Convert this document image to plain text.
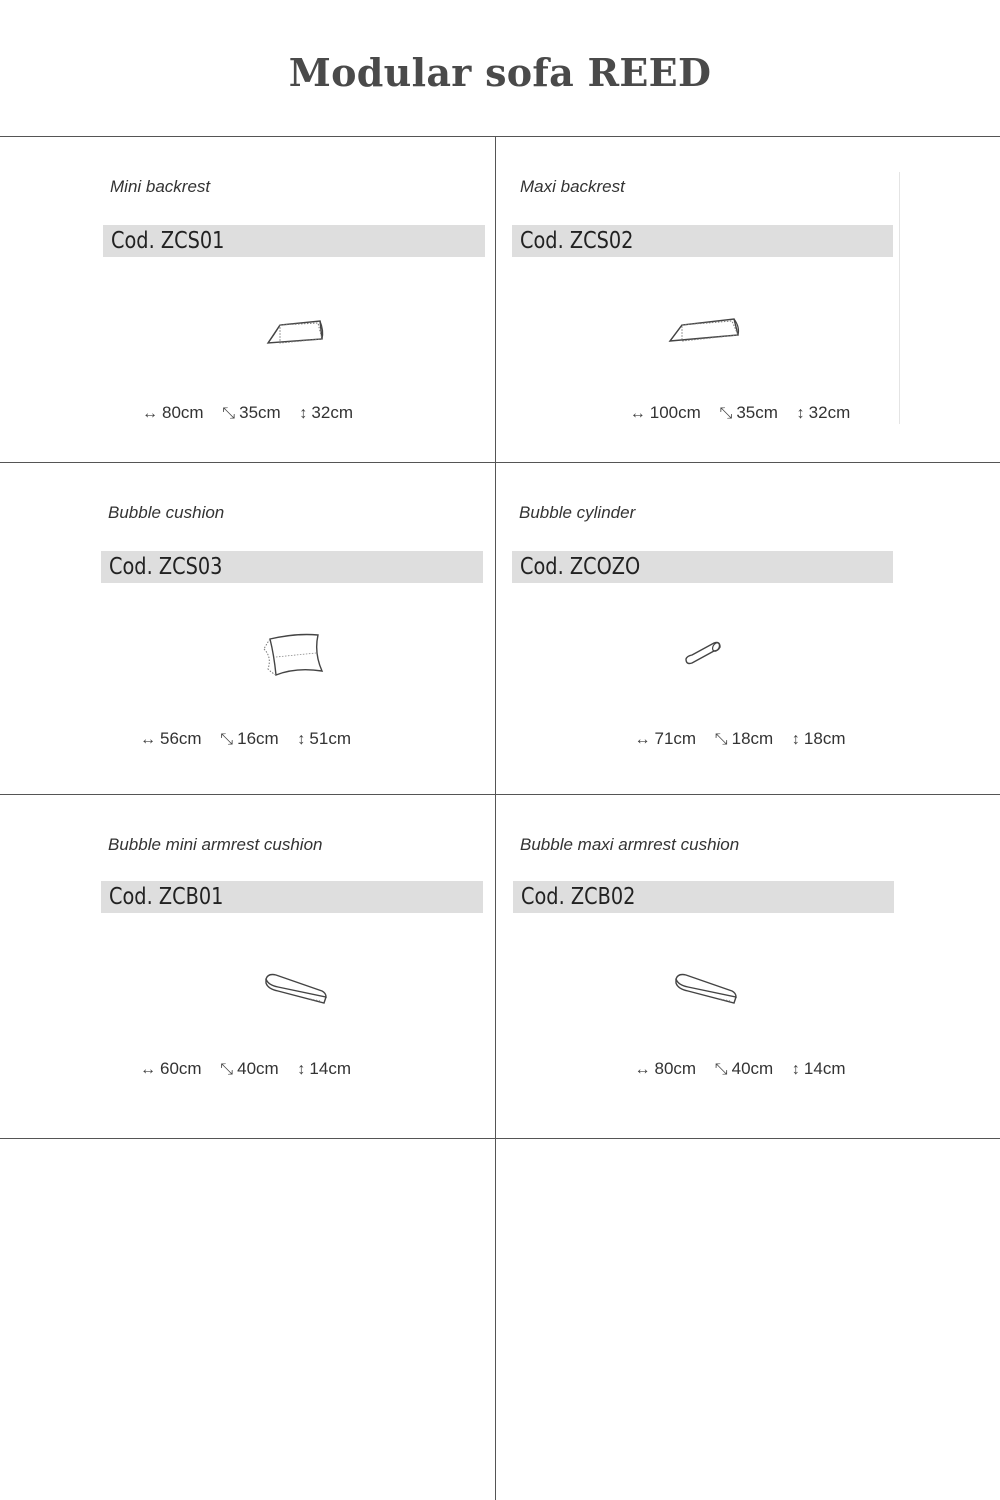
Modular sofa REED
Mini backrest
Cod. ZCS01
↔ 80cm ⤡ 35cm ↕ 32cm
Maxi backrest
Cod. ZCS02
↔ 100cm ⤡ 35cm ↕ 32cm
Bubble cushion
Cod. ZCS03
↔ 56cm ⤡ 16cm ↕ 51cm
Bubble cylinder
Cod. ZCOZO
↔ 71cm ⤡ 18cm ↕ 18cm
Bubble mini armrest cushion
Cod. ZCB01
↔ 60cm ⤡ 40cm ↕ 14cm
Bubble maxi armrest cushion
Cod. ZCB02
↔ 80cm ⤡ 40cm ↕ 14cm
